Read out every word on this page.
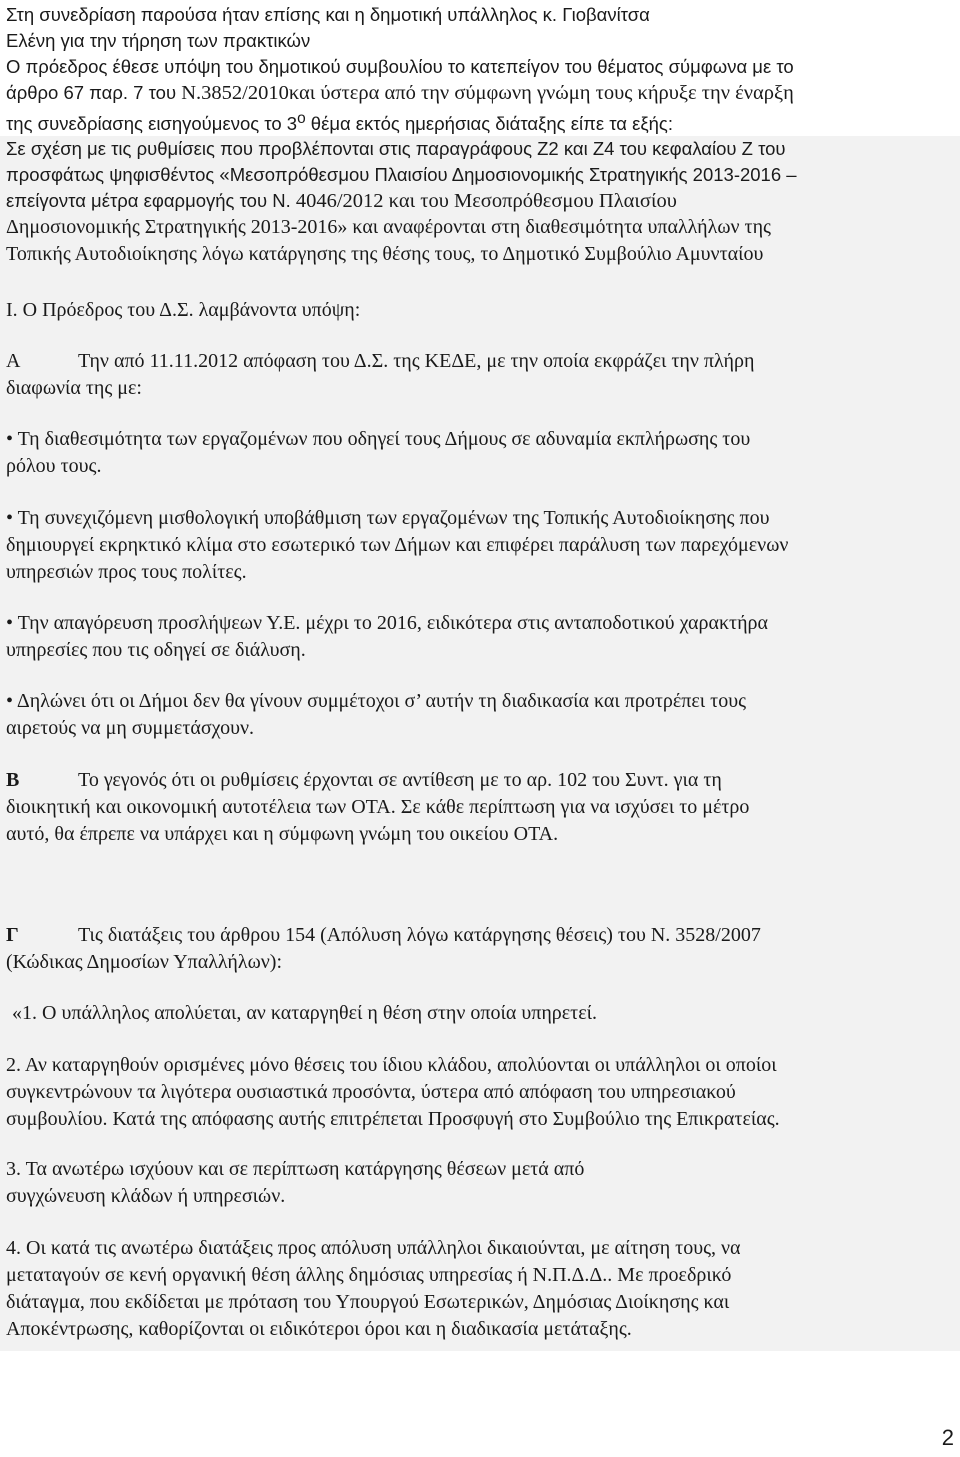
Στη συνεδρίαση παρούσα ήταν επίσης και η δημοτική υπάλληλος κ. Γιοβανίτσα
Ελένη για την τήρηση των πρακτικών
Ο πρόεδρος έθεσε υπόψη του δημοτικού συμβουλίου το κατεπείγον του θέματος σύμφωνα με το
άρθρο 67 παρ. 7 του Ν.3852/2010και ύστερα από την σύμφωνη γνώμη τους κήρυξε την έναρξη
της συνεδρίασης εισηγούμενος το $3^o$ θέμα εκτός ημερήσιας διάταξης είπε τα εξής:

Σε σχέση με τις ρυθμίσεις που προβλέπονται στις παραγράφους Ζ2 και Ζ4 του κεφαλαίου Ζ του
προσφάτως ψηφισθέντος «Μεσοπρόθεσμου Πλαισίου Δημοσιονομικής Στρατηγικής 2013-2016 –
επείγοντα μέτρα εφαρμογής του Ν. 4046/2012 και του Μεσοπρόθεσμου Πλαισίου
Δημοσιονομικής Στρατηγικής 2013-2016» και αναφέρονται στη διαθεσιμότητα υπαλλήλων της
Τοπικής Αυτοδιοίκησης λόγω κατάργησης της θέσης τους, το Δημοτικό Συμβούλιο Αμυνταίου

Ι. Ο Πρόεδρος του Δ.Σ. λαμβάνοντα υπόψη:

Α	Την από 11.11.2012 απόφαση του Δ.Σ. της ΚΕΔΕ, με την οποία εκφράζει την πλήρη
διαφωνία της με:

• Τη διαθεσιμότητα των εργαζομένων που οδηγεί τους Δήμους σε αδυναμία εκπλήρωσης του
ρόλου τους.

• Τη συνεχιζόμενη μισθολογική υποβάθμιση των εργαζομένων της Τοπικής Αυτοδιοίκησης που
δημιουργεί εκρηκτικό κλίμα στο εσωτερικό των Δήμων και επιφέρει παράλυση των παρεχόμενων
υπηρεσιών προς τους πολίτες.

• Την απαγόρευση προσλήψεων Υ.Ε. μέχρι το 2016, ειδικότερα στις ανταποδοτικού χαρακτήρα
υπηρεσίες που τις οδηγεί σε διάλυση.

• Δηλώνει ότι οι Δήμοι δεν θα γίνουν συμμέτοχοι σ’ αυτήν τη διαδικασία και προτρέπει τους
αιρετούς να μη συμμετάσχουν.

Β	Το γεγονός ότι οι ρυθμίσεις έρχονται σε αντίθεση με το αρ. 102 του Συντ. για τη
διοικητική και οικονομική αυτοτέλεια των ΟΤΑ. Σε κάθε περίπτωση για να ισχύσει το μέτρο
αυτό, θα έπρεπε να υπάρχει και η σύμφωνη γνώμη του οικείου ΟΤΑ.

Γ	Τις διατάξεις του άρθρου 154 (Απόλυση λόγω κατάργησης θέσεις) του Ν. 3528/2007
(Κώδικας Δημοσίων Υπαλλήλων):

«1. Ο υπάλληλος απολύεται, αν καταργηθεί η θέση στην οποία υπηρετεί.

2. Αν καταργηθούν ορισμένες μόνο θέσεις του ίδιου κλάδου, απολύονται οι υπάλληλοι οι οποίοι
συγκεντρώνουν τα λιγότερα ουσιαστικά προσόντα, ύστερα από απόφαση του υπηρεσιακού
συμβουλίου. Κατά της απόφασης αυτής επιτρέπεται Προσφυγή στο Συμβούλιο της Επικρατείας.

3. Τα ανωτέρω ισχύουν και σε περίπτωση κατάργησης θέσεων μετά από
συγχώνευση κλάδων ή υπηρεσιών.

4. Οι κατά τις ανωτέρω διατάξεις προς απόλυση υπάλληλοι δικαιούνται, με αίτηση τους, να
μεταταγούν σε κενή οργανική θέση άλλης δημόσιας υπηρεσίας ή Ν.Π.Δ.Δ.. Με προεδρικό
διάταγμα, που εκδίδεται με πρόταση του Υπουργού Εσωτερικών, Δημόσιας Διοίκησης και
Αποκέντρωσης, καθορίζονται οι ειδικότεροι όροι και η διαδικασία μετάταξης.

2
